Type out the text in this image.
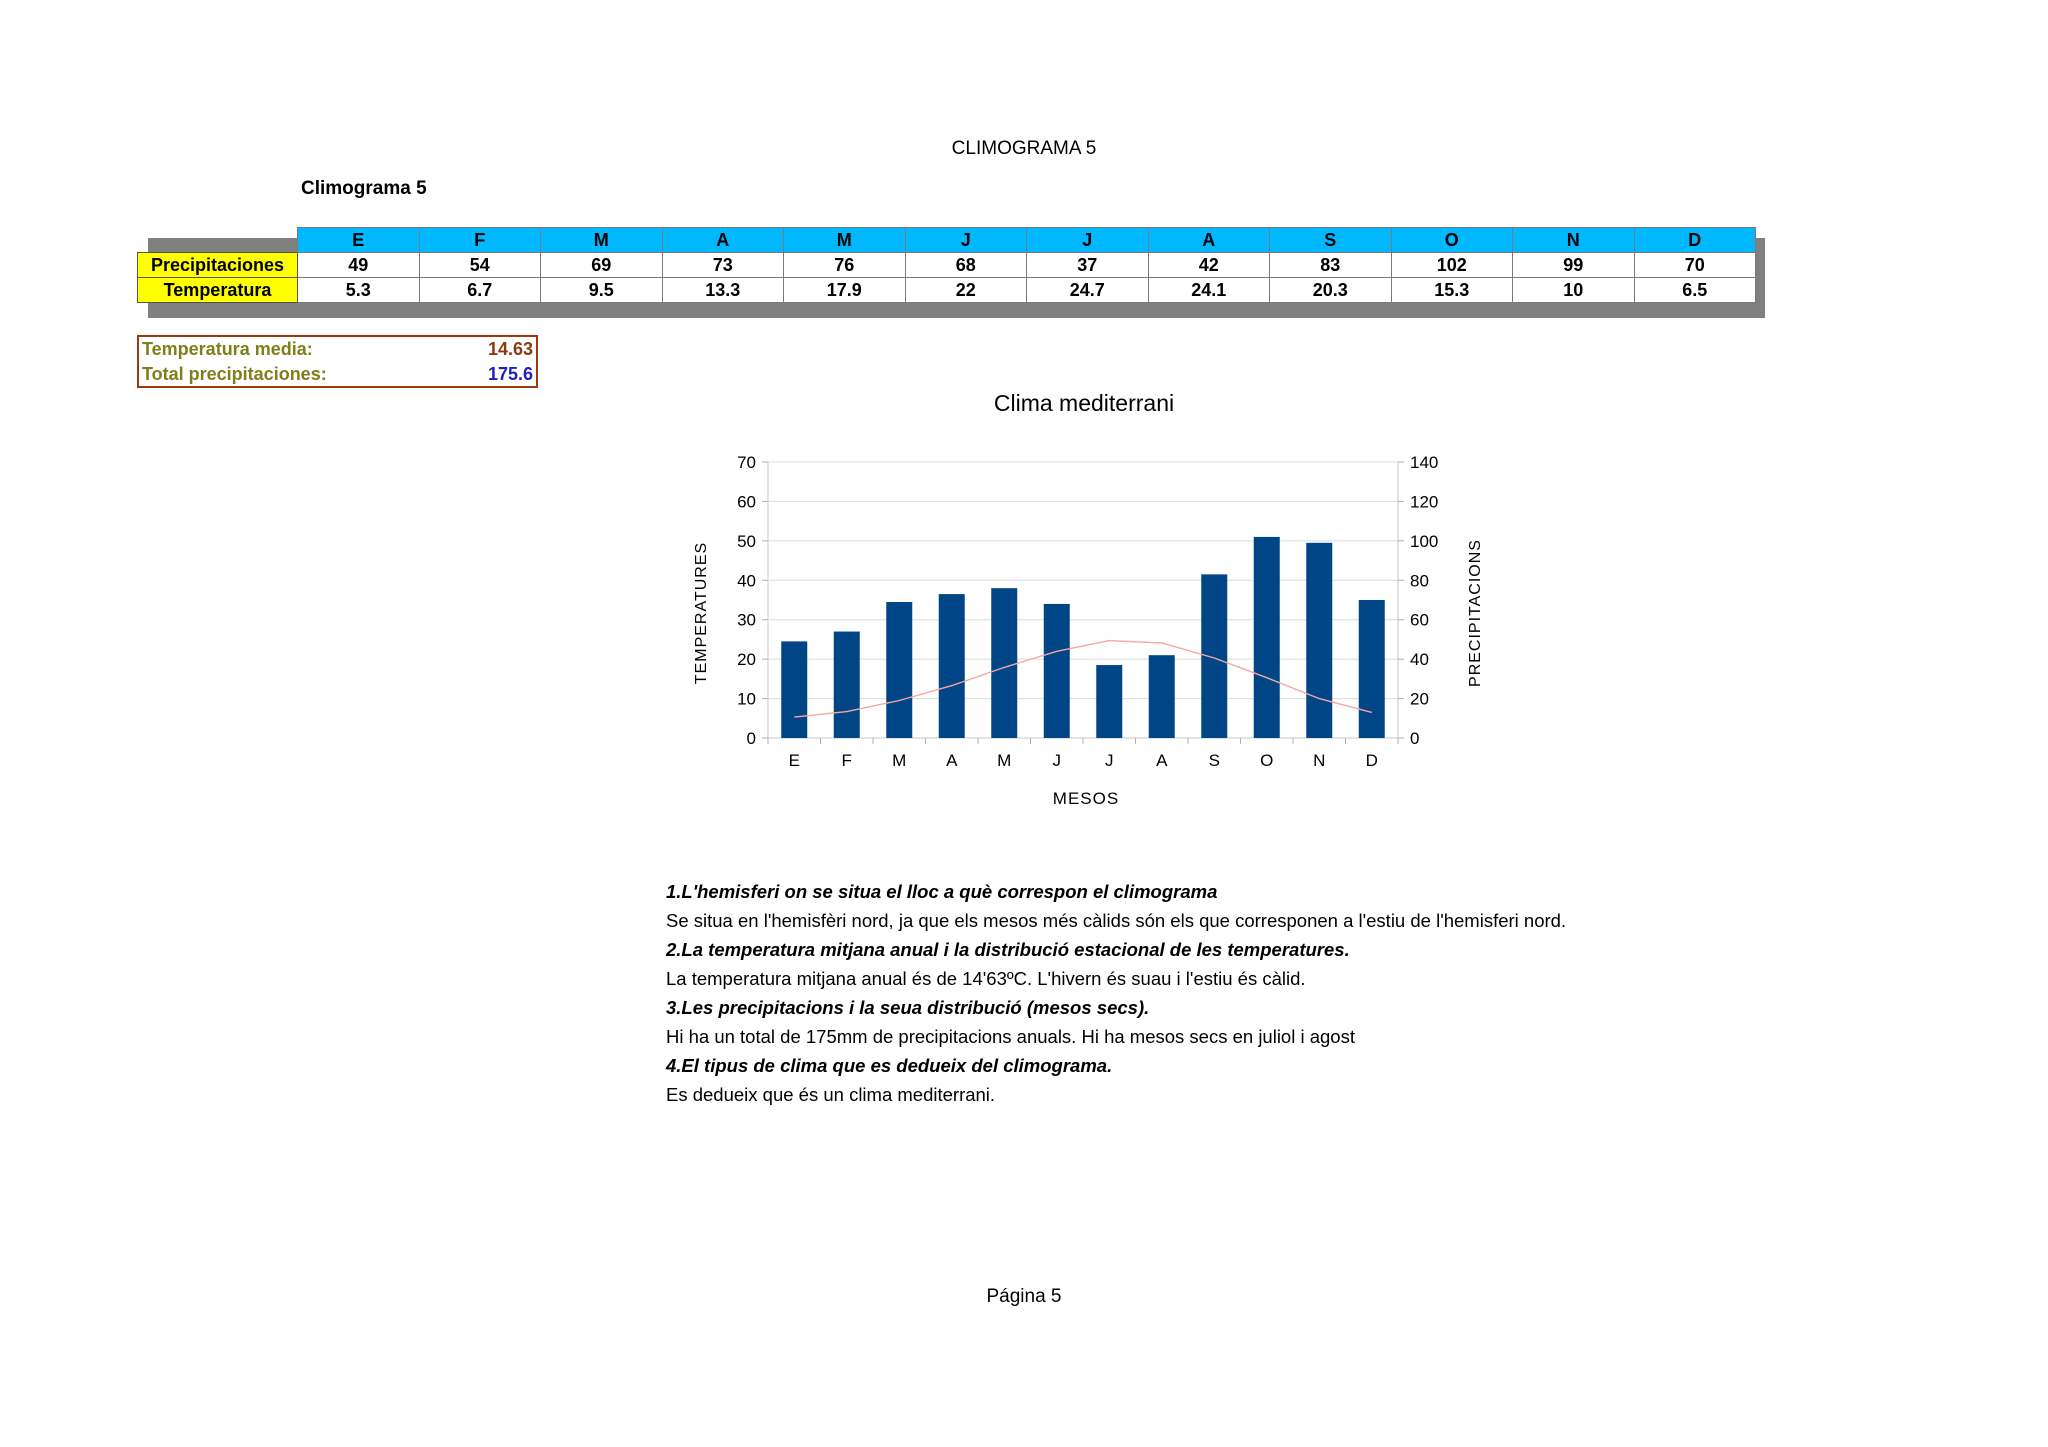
CLIMOGRAMA 5
Climograma 5
	E	F	M	A	M	J	J	A	S	O	N	D
Precipitaciones	49	54	69	73	76	68	37	42	83	102	99	70
Temperatura	5.3	6.7	9.5	13.3	17.9	22	24.7	24.1	20.3	15.3	10	6.5
Temperatura media:	14.63
Total precipitaciones:	175.6
Clima mediterrani
0
10
20
30
40
50
60
70
0
20
40
60
80
100
120
140
E F M A M J	J	A S O N D
MESOS
TEMPERATURES	PRECIPITACIONS
1.L'hemisferi on se situa el lloc a què correspon el climograma
Se situa en l'hemisfèri nord, ja que els mesos més càlids són els que corresponen a l'estiu de l'hemisferi nord.
2.La temperatura mitjana anual i la distribució estacional de les temperatures.
La temperatura mitjana anual és de 14'63ºC. L'hivern és suau i l'estiu és càlid.
3.Les precipitacions i la seua distribució (mesos secs).
Hi ha un total de 175mm de precipitacions anuals. Hi ha mesos secs en juliol i agost
4.El tipus de clima que es dedueix del climograma.
Es dedueix que és un clima mediterrani.
Página 5
